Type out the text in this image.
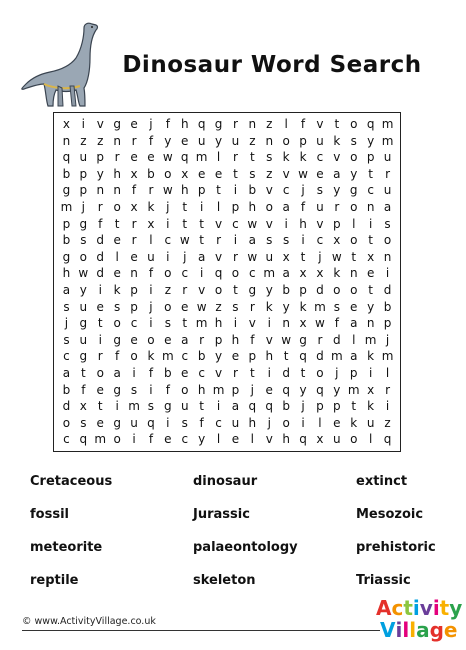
Dinosaur Word Search
x i v g e j	f h q g r n z	l	f v t o q m
n z z n r	f y e u y u z n o p u k s y m
q u p r e e w q m l	r	t s k k c v o p u
b p y h x b o x e e t s z v w e a y t	r
g p n n f	r w h p t	i b v c j	s y g c u
m j	r o x k j	t	i	l p h o a f u r o n a
p g f	t	r x i	t	t v c w v i h v p l	i	s
b s d e r	l c w t	r	i a s s	i c x o t o
g o d l e u i	j a v r w u x t	j w t x n
h w d e n f o c i q o c m a x x k n e i
a y i k p i	z r v o t g y b p d o o t d
s u e s p j o e w z s r k y k m s e y b
j g t o c i	s t m h i v i n x w f a n p
s u i g e o e a r p h f v w g r d l m j
c g r	f o k m c b y e p h t q d m a k m
a t o a i	f b e c v r	t	i d t o j p i	l
b f e g s	i	f o h m p j e q y q y m x r
d x t	i m s g u t	i a q q b j p p t k i
o s e g u q i	s f c u h j o i	l e k u z
c q m o i	f e c y l e l v h q x u o l q
Cretaceous	dinosaur	extinct
fossil	Jurassic	Mesozoic
meteorite	palaeontology	prehistoric
reptile	skeleton	Triassic
© www.ActivityVillage.co.uk
Activity
Village
